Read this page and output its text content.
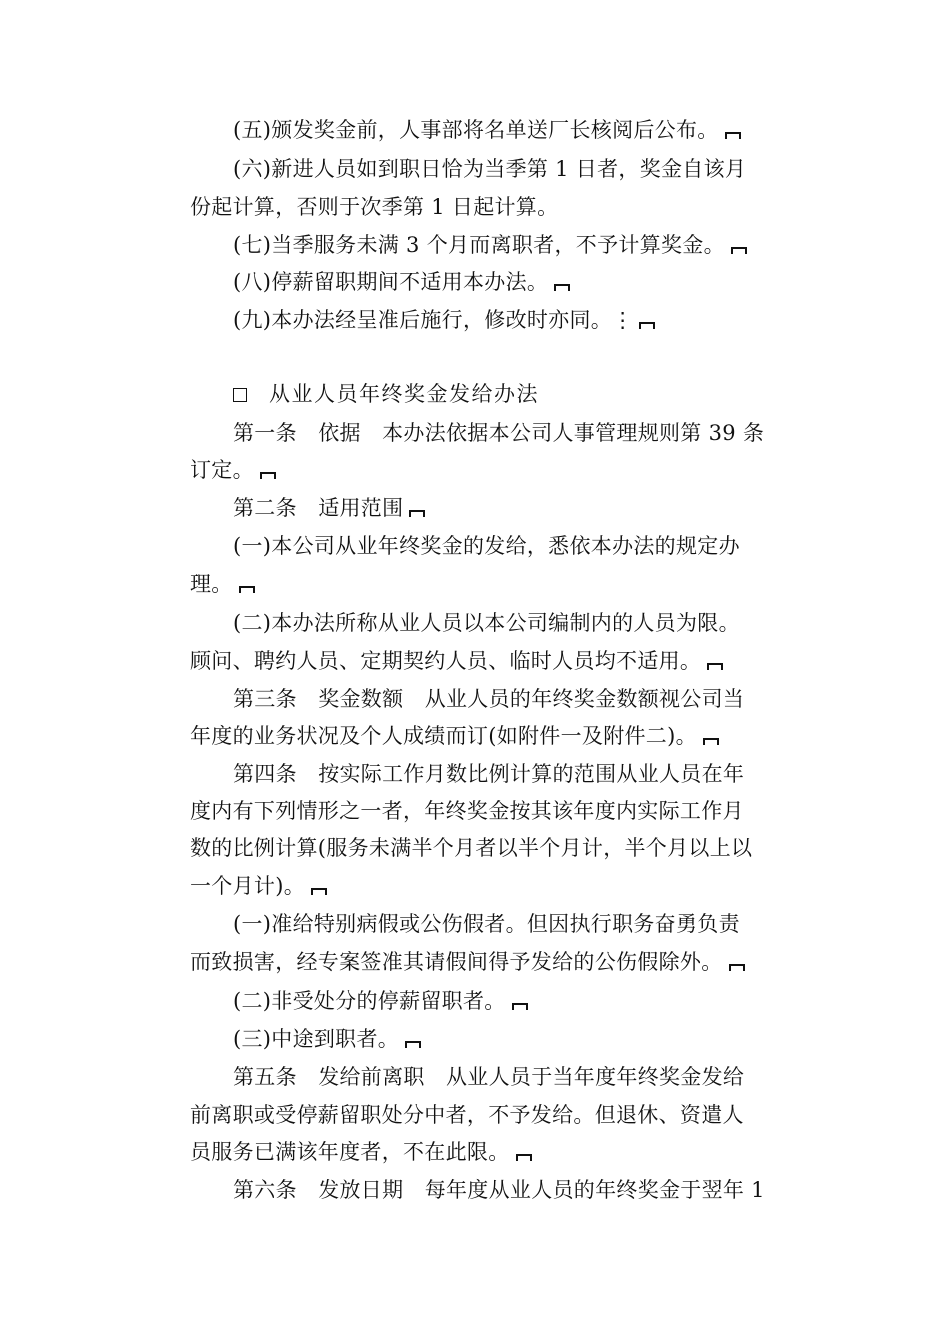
(五)颁发奖金前，人事部将名单送厂长核阅后公布。
(六)新进人员如到职日恰为当季第 1 日者，奖金自该月
份起计算，否则于次季第 1 日起计算。
(七)当季服务未满 3 个月而离职者，不予计算奖金。
(八)停薪留职期间不适用本办法。
(九)本办法经呈准后施行，修改时亦同。⋮
从业人员年终奖金发给办法
第一条　依据　本办法依据本公司人事管理规则第 39 条
订定。
第二条　适用范围
(一)本公司从业年终奖金的发给，悉依本办法的规定办
理。
(二)本办法所称从业人员以本公司编制内的人员为限。
顾问、聘约人员、定期契约人员、临时人员均不适用。
第三条　奖金数额　从业人员的年终奖金数额视公司当
年度的业务状况及个人成绩而订(如附件一及附件二)。
第四条　按实际工作月数比例计算的范围从业人员在年
度内有下列情形之一者，年终奖金按其该年度内实际工作月
数的比例计算(服务未满半个月者以半个月计，半个月以上以
一个月计)。
(一)准给特别病假或公伤假者。但因执行职务奋勇负责
而致损害，经专案签准其请假间得予发给的公伤假除外。
(二)非受处分的停薪留职者。
(三)中途到职者。
第五条　发给前离职　从业人员于当年度年终奖金发给
前离职或受停薪留职处分中者，不予发给。但退休、资遣人
员服务已满该年度者，不在此限。
第六条　发放日期　每年度从业人员的年终奖金于翌年 1
